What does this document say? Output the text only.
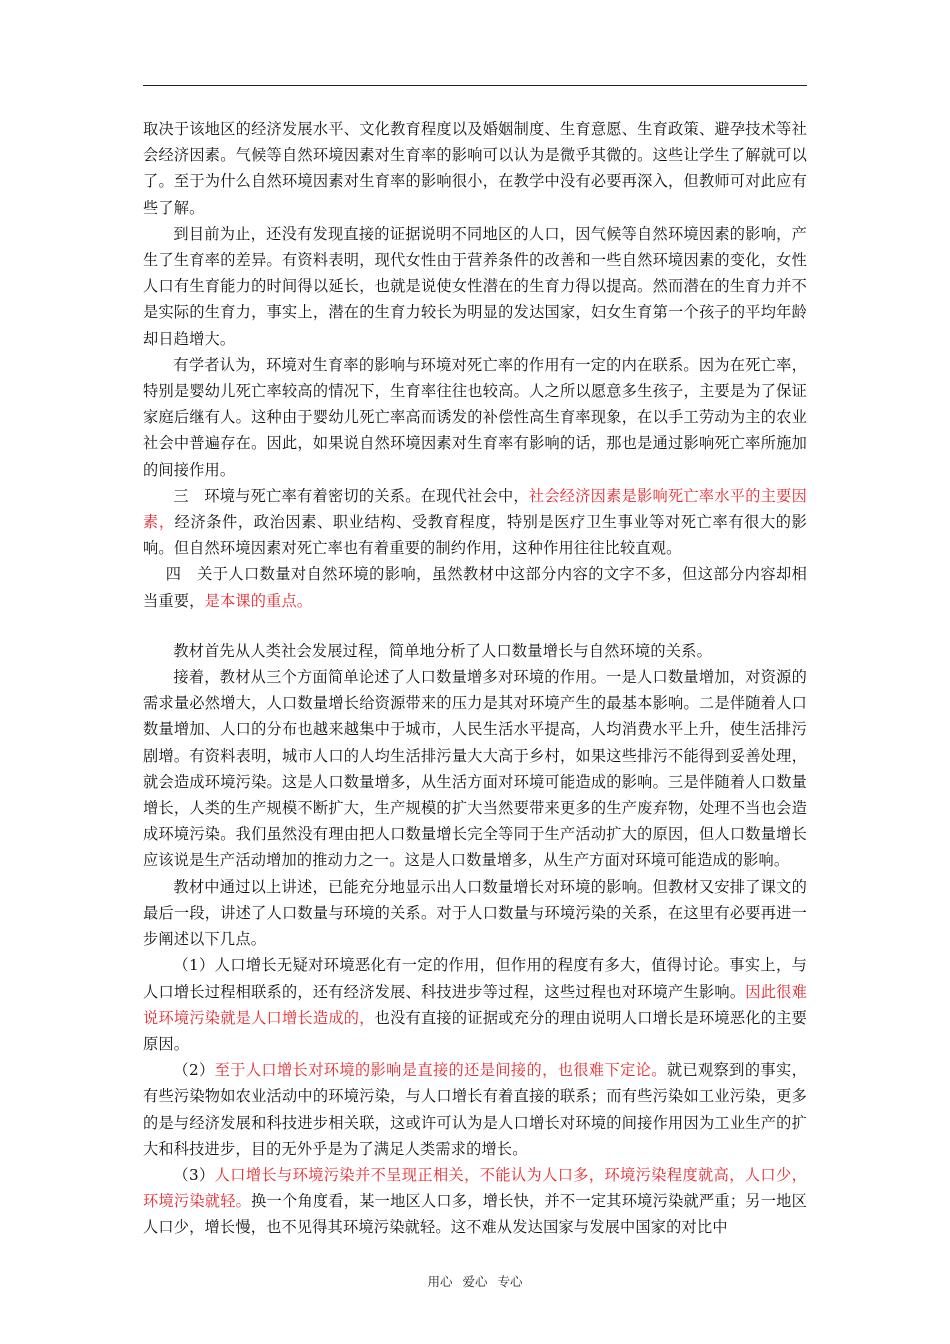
取决于该地区的经济发展水平、文化教育程度以及婚姻制度、生育意愿、生育政策、避孕技术等社会经济因素。气候等自然环境因素对生育率的影响可以认为是微乎其微的。这些让学生了解就可以了。至于为什么自然环境因素对生育率的影响很小，在教学中没有必要再深入，但教师可对此应有些了解。

到目前为止，还没有发现直接的证据说明不同地区的人口，因气候等自然环境因素的影响，产生了生育率的差异。有资料表明，现代女性由于营养条件的改善和一些自然环境因素的变化，女性人口有生育能力的时间得以延长，也就是说使女性潜在的生育力得以提高。然而潜在的生育力并不是实际的生育力，事实上，潜在的生育力较长为明显的发达国家，妇女生育第一个孩子的平均年龄却日趋增大。

有学者认为，环境对生育率的影响与环境对死亡率的作用有一定的内在联系。因为在死亡率，特别是婴幼儿死亡率较高的情况下，生育率往往也较高。人之所以愿意多生孩子，主要是为了保证家庭后继有人。这种由于婴幼儿死亡率高而诱发的补偿性高生育率现象，在以手工劳动为主的农业社会中普遍存在。因此，如果说自然环境因素对生育率有影响的话，那也是通过影响死亡率所施加的间接作用。

三　环境与死亡率有着密切的关系。在现代社会中，社会经济因素是影响死亡率水平的主要因素，经济条件，政治因素、职业结构、受教育程度，特别是医疗卫生事业等对死亡率有很大的影响。但自然环境因素对死亡率也有着重要的制约作用，这种作用往往比较直观。

四　关于人口数量对自然环境的影响，虽然教材中这部分内容的文字不多，但这部分内容却相当重要，是本课的重点。

教材首先从人类社会发展过程，简单地分析了人口数量增长与自然环境的关系。

接着，教材从三个方面简单论述了人口数量增多对环境的作用。一是人口数量增加，对资源的需求量必然增大，人口数量增长给资源带来的压力是其对环境产生的最基本影响。二是伴随着人口数量增加、人口的分布也越来越集中于城市，人民生活水平提高，人均消费水平上升，使生活排污剧增。有资料表明，城市人口的人均生活排污量大大高于乡村，如果这些排污不能得到妥善处理，就会造成环境污染。这是人口数量增多，从生活方面对环境可能造成的影响。三是伴随着人口数量增长，人类的生产规模不断扩大，生产规模的扩大当然要带来更多的生产废弃物，处理不当也会造成环境污染。我们虽然没有理由把人口数量增长完全等同于生产活动扩大的原因，但人口数量增长应该说是生产活动增加的推动力之一。这是人口数量增多，从生产方面对环境可能造成的影响。

教材中通过以上讲述，已能充分地显示出人口数量增长对环境的影响。但教材又安排了课文的最后一段，讲述了人口数量与环境的关系。对于人口数量与环境污染的关系，在这里有必要再进一步阐述以下几点。

（1）人口增长无疑对环境恶化有一定的作用，但作用的程度有多大，值得讨论。事实上，与人口增长过程相联系的，还有经济发展、科技进步等过程，这些过程也对环境产生影响。因此很难说环境污染就是人口增长造成的，也没有直接的证据或充分的理由说明人口增长是环境恶化的主要原因。

（2）至于人口增长对环境的影响是直接的还是间接的，也很难下定论。就已观察到的事实，有些污染物如农业活动中的环境污染，与人口增长有着直接的联系；而有些污染如工业污染，更多的是与经济发展和科技进步相关联，这或许可认为是人口增长对环境的间接作用因为工业生产的扩大和科技进步，目的无外乎是为了满足人类需求的增长。

（3）人口增长与环境污染并不呈现正相关，不能认为人口多，环境污染程度就高，人口少，环境污染就轻。换一个角度看，某一地区人口多，增长快，并不一定其环境污染就严重；另一地区人口少，增长慢，也不见得其环境污染就轻。这不难从发达国家与发展中国家的对比中

用心 爱心 专心
